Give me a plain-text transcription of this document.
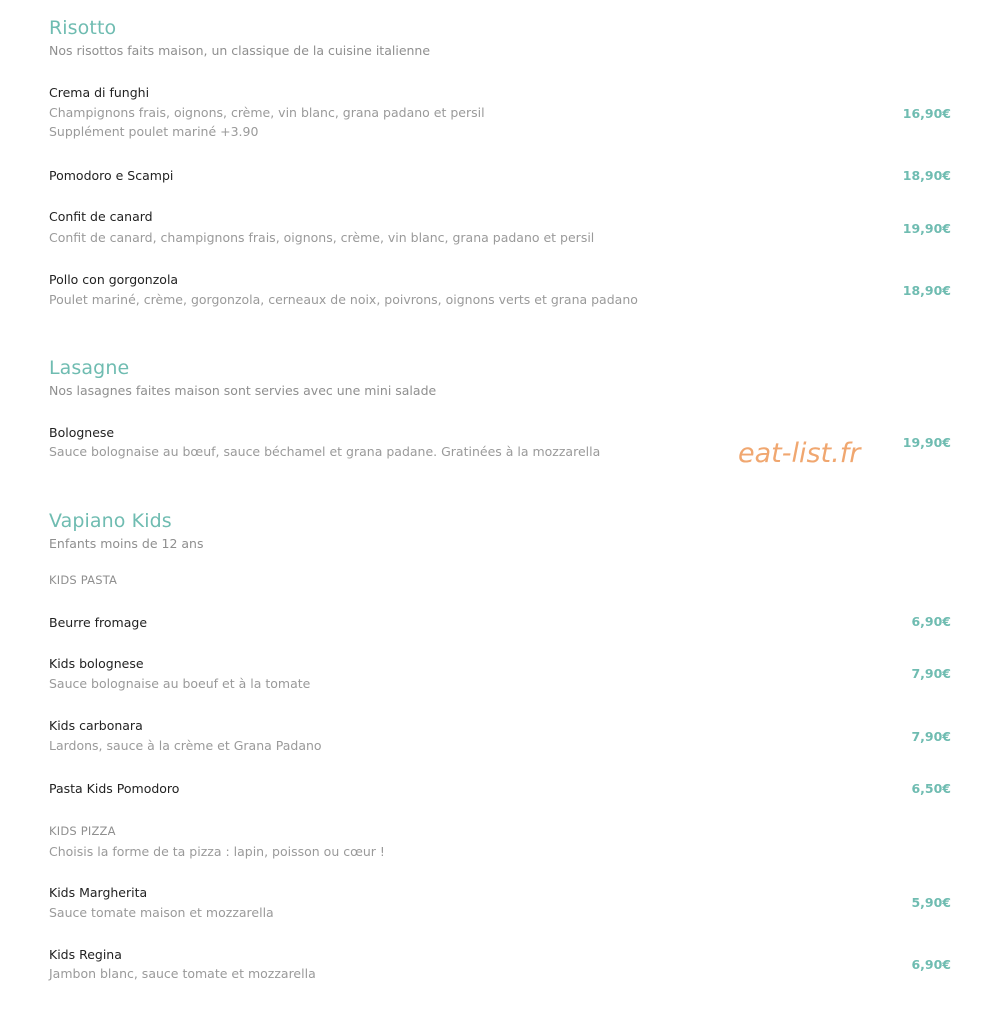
Risotto
Nos risottos faits maison, un classique de la cuisine italienne
Crema di funghi
Champignons frais, oignons, crème, vin blanc, grana padano et persil
Supplément poulet mariné +3.90
16,90€
Pomodoro e Scampi	18,90€
Confit de canard
Confit de canard, champignons frais, oignons, crème, vin blanc, grana padano et persil
19,90€
Pollo con gorgonzola
Poulet mariné, crème, gorgonzola, cerneaux de noix, poivrons, oignons verts et grana padano
18,90€
Lasagne
Nos lasagnes faites maison sont servies avec une mini salade
Bolognese
Sauce bolognaise au bœuf, sauce béchamel et grana padane. Gratinées à la mozzarella
19,90€
eat-list.fr
Vapiano Kids
Enfants moins de 12 ans
KIDS PASTA
Beurre fromage	6,90€
Kids bolognese
Sauce bolognaise au boeuf et à la tomate
7,90€
Kids carbonara
Lardons, sauce à la crème et Grana Padano
7,90€
Pasta Kids Pomodoro	6,50€
KIDS PIZZA
Choisis la forme de ta pizza : lapin, poisson ou cœur !
Kids Margherita
Sauce tomate maison et mozzarella
5,90€
Kids Regina
Jambon blanc, sauce tomate et mozzarella
6,90€
